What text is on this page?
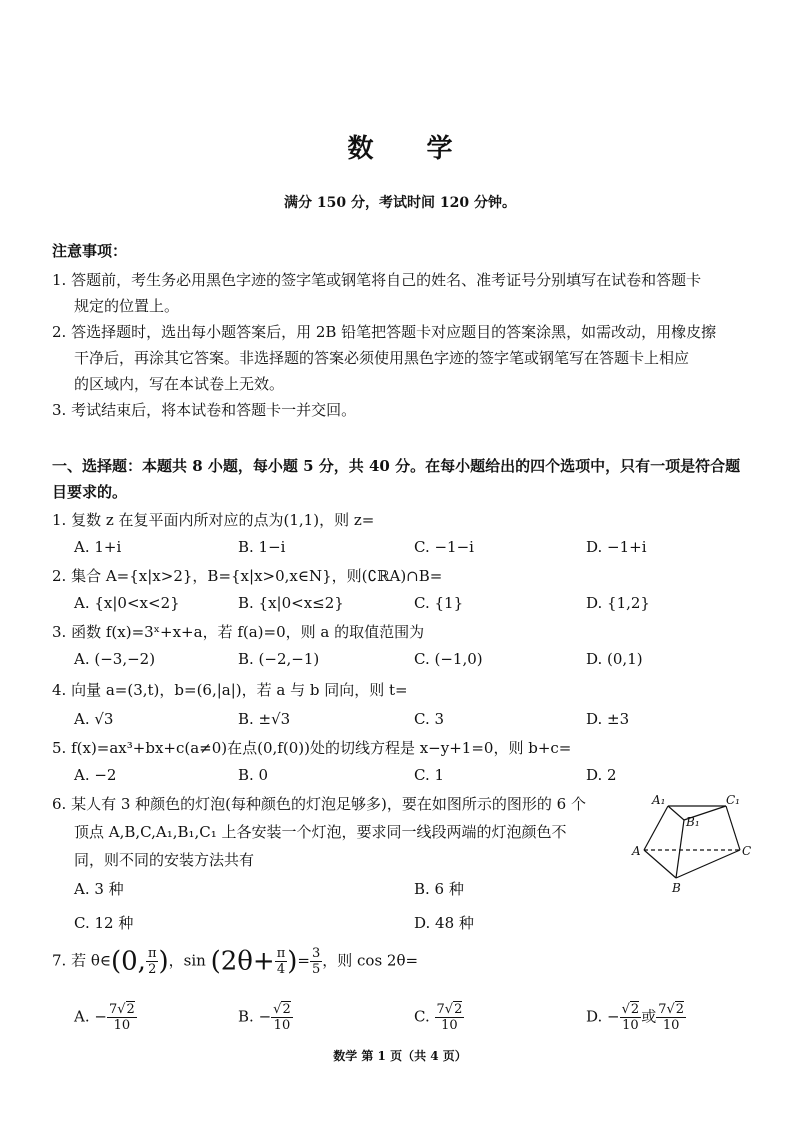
数 学
满分 150 分，考试时间 120 分钟。
注意事项：
1. 答题前，考生务必用黑色字迹的签字笔或钢笔将自己的姓名、准考证号分别填写在试卷和答题卡
规定的位置上。
2. 答选择题时，选出每小题答案后，用 2B 铅笔把答题卡对应题目的答案涂黑，如需改动，用橡皮擦
干净后，再涂其它答案。非选择题的答案必须使用黑色字迹的签字笔或钢笔写在答题卡上相应
的区域内，写在本试卷上无效。
3. 考试结束后，将本试卷和答题卡一并交回。
一、选择题：本题共 8 小题，每小题 5 分，共 40 分。在每小题给出的四个选项中，只有一项是符合题
目要求的。
1. 复数 z 在复平面内所对应的点为(1,1)，则 z=
A. 1+i	B. 1−i	C. −1−i	D. −1+i
2. 集合 A={x|x>2}，B={x|x>0,x∈N}，则(∁ℝA)∩B=
A. {x|0<x<2}	B. {x|0<x≤2}	C. {1}	D. {1,2}
3. 函数 f(x)=3ˣ+x+a，若 f(a)=0，则 a 的取值范围为
A. (−3,−2)	B. (−2,−1)	C. (−1,0)	D. (0,1)
4. 向量 a=(3,t)，b=(6,|a|)，若 a 与 b 同向，则 t=
A. √3	B. ±√3	C. 3	D. ±3
5. f(x)=ax³+bx+c(a≠0)在点(0,f(0))处的切线方程是 x−y+1=0，则 b+c=
A. −2	B. 0	C. 1	D. 2
6. 某人有 3 种颜色的灯泡(每种颜色的灯泡足够多)，要在如图所示的图形的 6 个
顶点 A,B,C,A₁,B₁,C₁ 上各安装一个灯泡，要求同一线段两端的灯泡颜色不
同，则不同的安装方法共有
A. 3 种	B. 6 种
C. 12 种	D. 48 种
A₁	C₁
B₁
A	C
B
7. 若 θ∈(0, $\frac{\pi}{2}$ )，$\sin (2\theta+ \frac{\pi}{4}$ )= $\frac{3}{5}$ ，则 cos 2θ=
A. − $\frac{7√2}{10}$	B. − $\frac{√2}{10}$	C. $\frac{7√2}{10}$	D. − $\frac{√2}{10}$ 或 $\frac{7√2}{10}$
数学 第 1 页（共 4 页）
